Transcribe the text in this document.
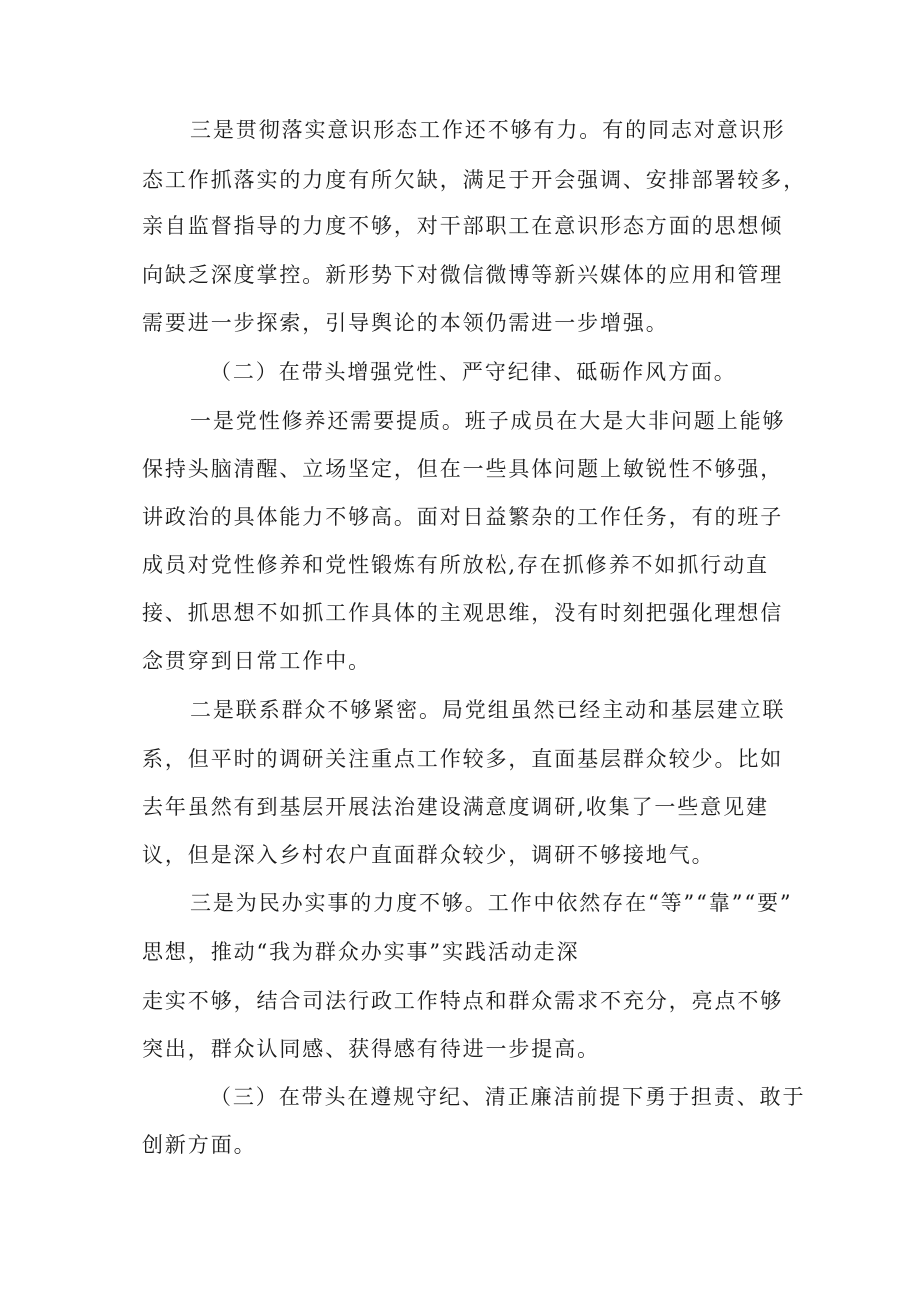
三是贯彻落实意识形态工作还不够有力。有的同志对意识形

态工作抓落实的力度有所欠缺，满足于开会强调、安排部署较多，

亲自监督指导的力度不够，对干部职工在意识形态方面的思想倾

向缺乏深度掌控。新形势下对微信微博等新兴媒体的应用和管理

需要进一步探索，引导舆论的本领仍需进一步增强。

（二）在带头增强党性、严守纪律、砥砺作风方面。

一是党性修养还需要提质。班子成员在大是大非问题上能够

保持头脑清醒、立场坚定，但在一些具体问题上敏锐性不够强，

讲政治的具体能力不够高。面对日益繁杂的工作任务，有的班子

成员对党性修养和党性锻炼有所放松,存在抓修养不如抓行动直

接、抓思想不如抓工作具体的主观思维，没有时刻把强化理想信

念贯穿到日常工作中。

二是联系群众不够紧密。局党组虽然已经主动和基层建立联

系，但平时的调研关注重点工作较多，直面基层群众较少。比如

去年虽然有到基层开展法治建设满意度调研,收集了一些意见建

议，但是深入乡村农户直面群众较少，调研不够接地气。

三是为民办实事的力度不够。工作中依然存在“等”“靠”“要”

思想，推动“我为群众办实事”实践活动走深

走实不够，结合司法行政工作特点和群众需求不充分，亮点不够

突出，群众认同感、获得感有待进一步提高。

（三）在带头在遵规守纪、清正廉洁前提下勇于担责、敢于

创新方面。
